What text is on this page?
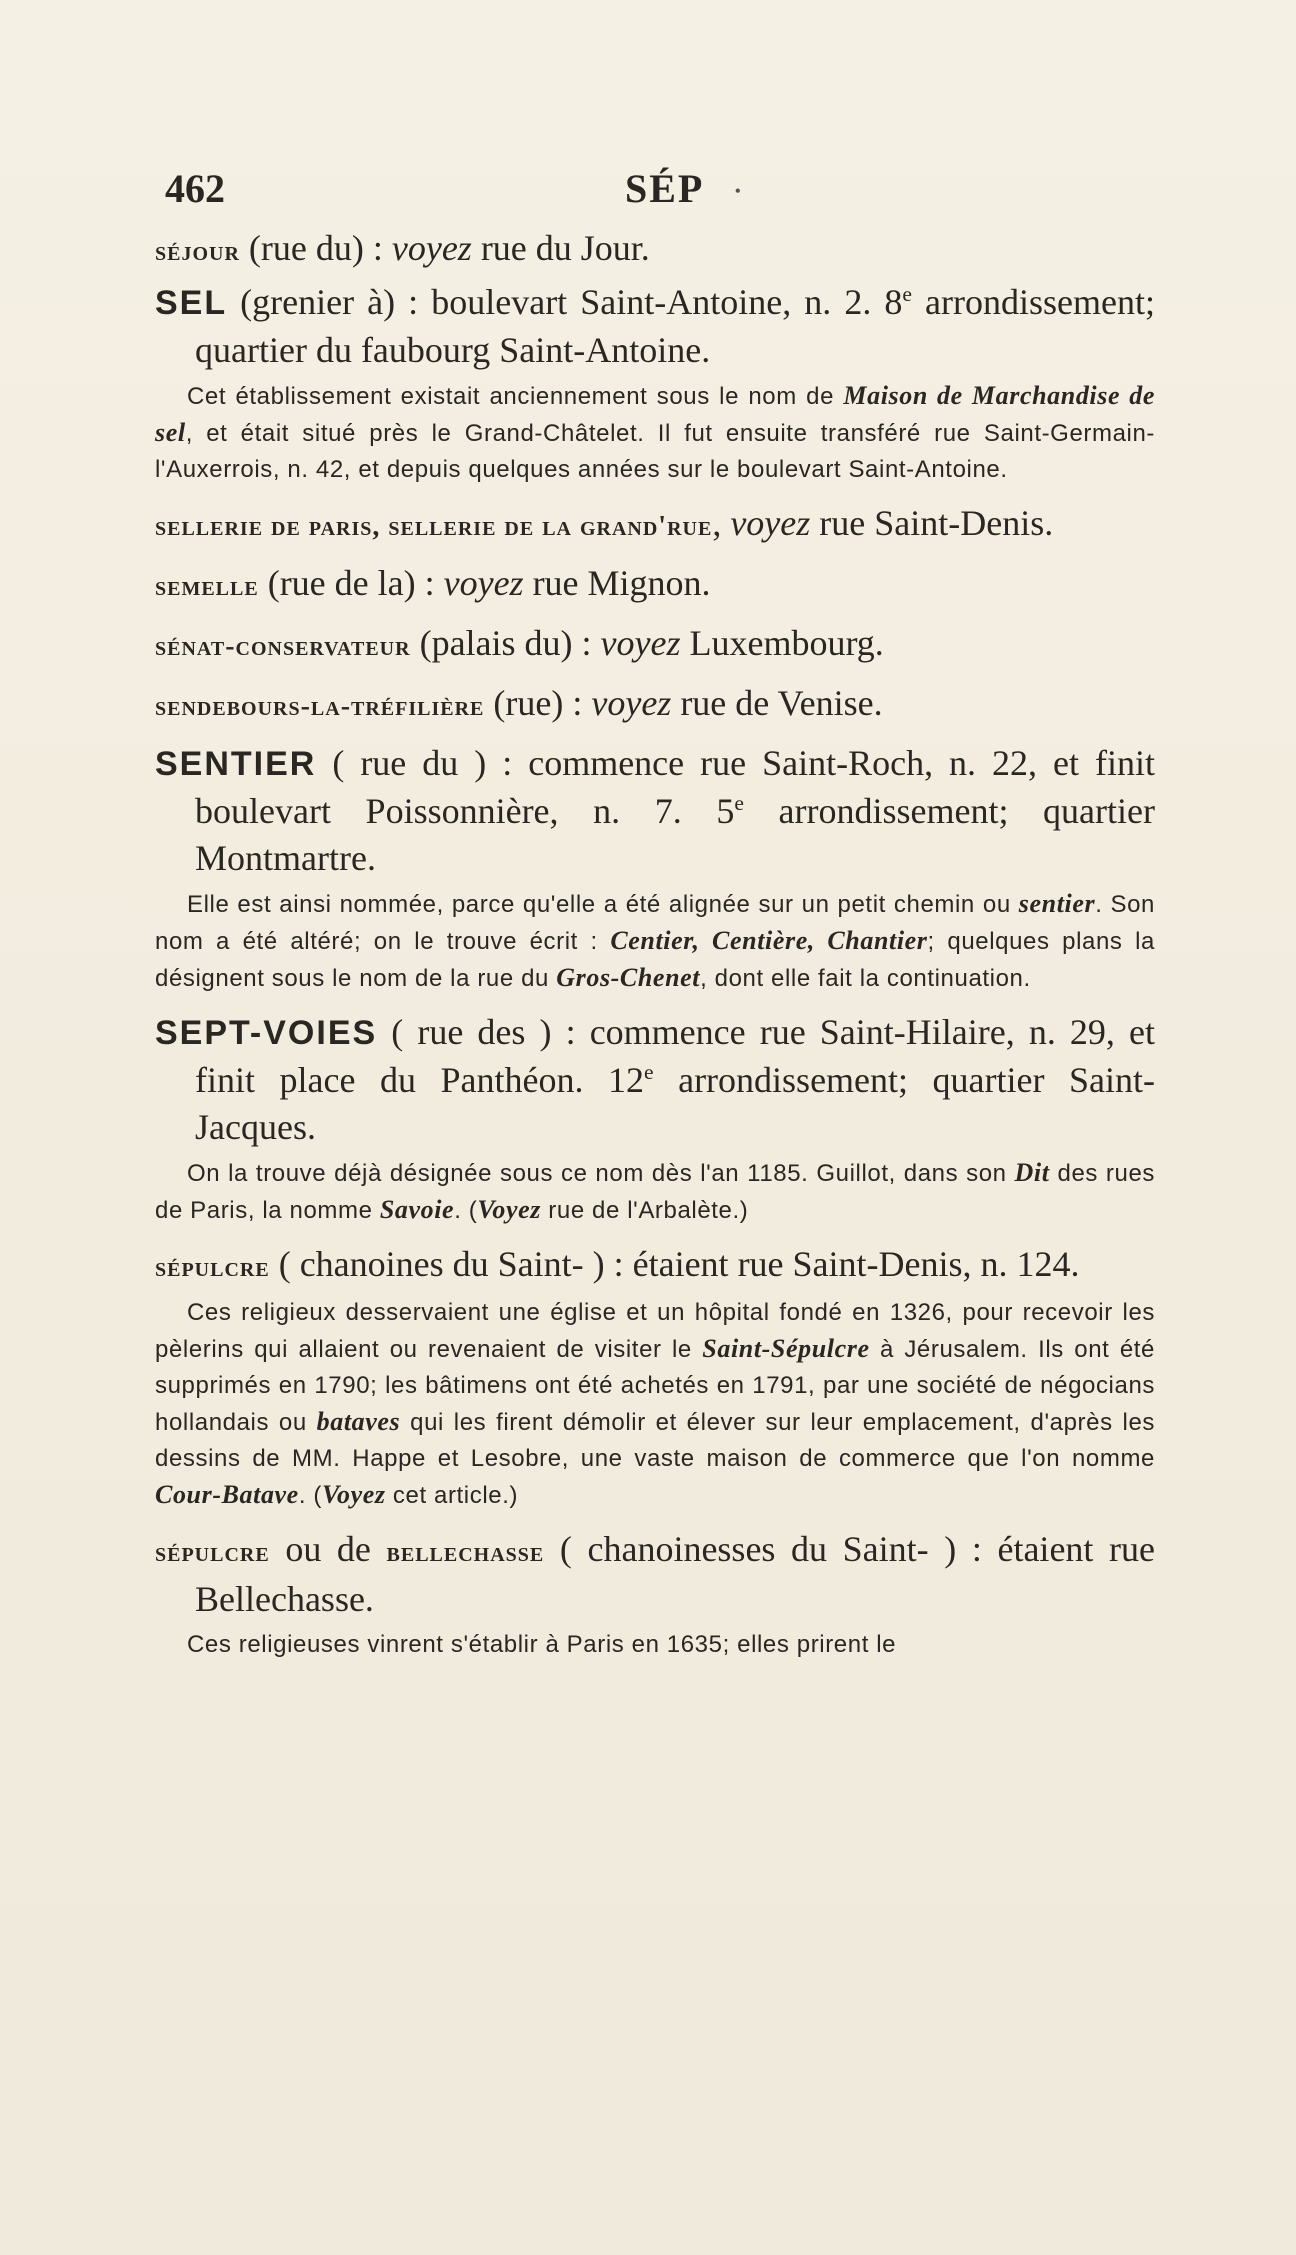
462	SÉP •

séjour (rue du) : voyez rue du Jour.

SEL (grenier à) : boulevart Saint-Antoine, n. 2. 8e arrondissement; quartier du faubourg Saint-Antoine.

Cet établissement existait anciennement sous le nom de Maison de Marchandise de sel, et était situé près le Grand-Châtelet. Il fut ensuite transféré rue Saint-Germain-l'Auxerrois, n. 42, et depuis quelques années sur le boulevart Saint-Antoine.

sellerie de paris, sellerie de la grand'rue, voyez rue Saint-Denis.

semelle (rue de la) : voyez rue Mignon.

sénat-conservateur (palais du) : voyez Luxembourg.

sendebours-la-tréfilière (rue) : voyez rue de Venise.

SENTIER ( rue du ) : commence rue Saint-Roch, n. 22, et finit boulevart Poissonnière, n. 7. 5e arrondissement; quartier Montmartre.

Elle est ainsi nommée, parce qu'elle a été alignée sur un petit chemin ou sentier. Son nom a été altéré; on le trouve écrit : Centier, Centière, Chantier; quelques plans la désignent sous le nom de la rue du Gros-Chenet, dont elle fait la continuation.

SEPT-VOIES ( rue des ) : commence rue Saint-Hilaire, n. 29, et finit place du Panthéon. 12e arrondissement; quartier Saint-Jacques.

On la trouve déjà désignée sous ce nom dès l'an 1185. Guillot, dans son Dit des rues de Paris, la nomme Savoie. (Voyez rue de l'Arbalète.)

sépulcre ( chanoines du Saint- ) : étaient rue Saint-Denis, n. 124.

Ces religieux desservaient une église et un hôpital fondé en 1326, pour recevoir les pèlerins qui allaient ou revenaient de visiter le Saint-Sépulcre à Jérusalem. Ils ont été supprimés en 1790; les bâtimens ont été achetés en 1791, par une société de négocians hollandais ou bataves qui les firent démolir et élever sur leur emplacement, d'après les dessins de MM. Happe et Lesobre, une vaste maison de commerce que l'on nomme Cour-Batave. (Voyez cet article.)

sépulcre ou de bellechasse ( chanoinesses du Saint- ) : étaient rue Bellechasse.

Ces religieuses vinrent s'établir à Paris en 1635; elles prirent le
